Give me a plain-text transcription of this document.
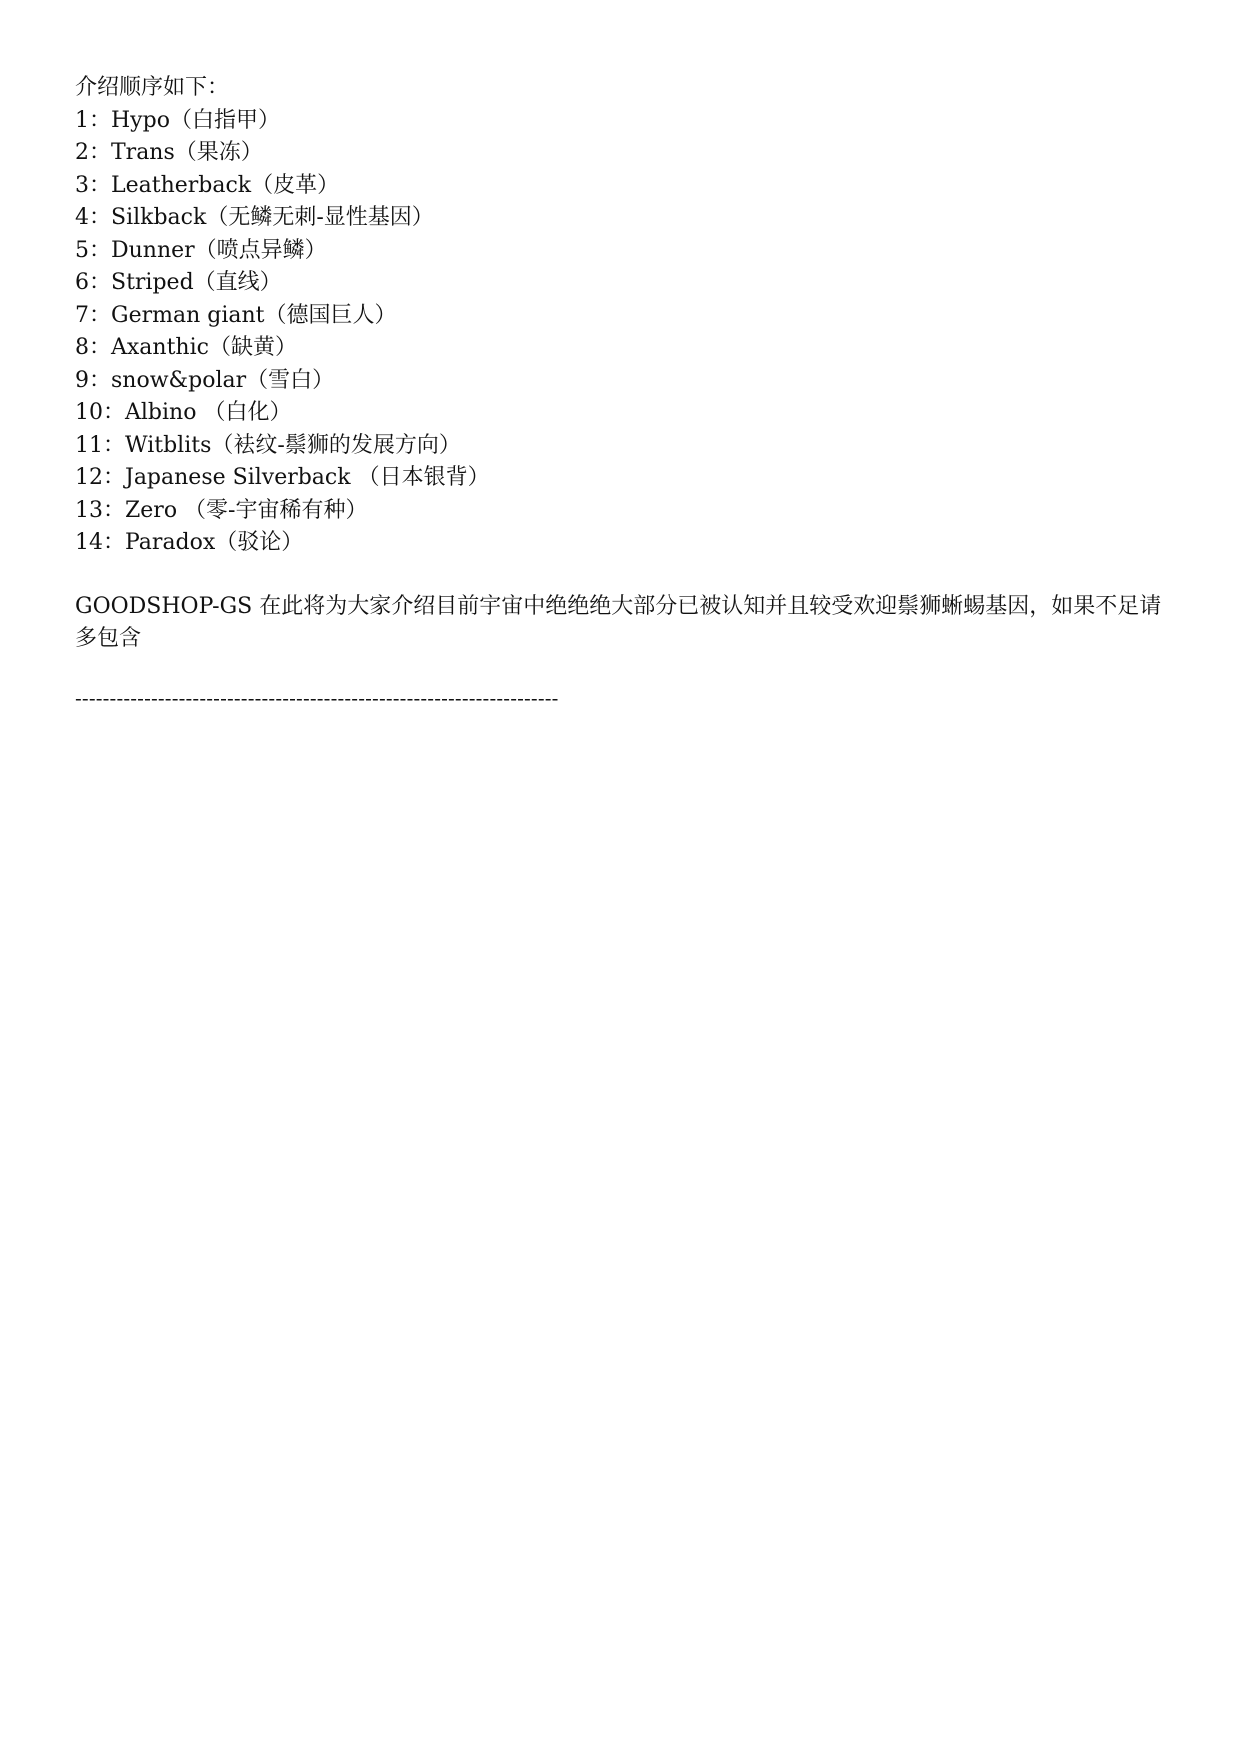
介绍顺序如下：
1：Hypo（白指甲）
2：Trans（果冻）
3：Leatherback（皮革）
4：Silkback（无鳞无刺-显性基因）
5：Dunner（喷点异鳞）
6：Striped（直线）
7：German giant（德国巨人）
8：Axanthic（缺黄）
9：snow&polar（雪白）
10：Albino （白化）
11：Witblits（袪纹-鬃狮的发展方向）
12：Japanese Silverback （日本银背）
13：Zero （零-宇宙稀有种）
14：Paradox（驳论）

GOODSHOP-GS 在此将为大家介绍目前宇宙中绝绝绝大部分已被认知并且较受欢迎鬃狮蜥蜴基因，如果不足请多包含

----------------------------------------------------------------------
